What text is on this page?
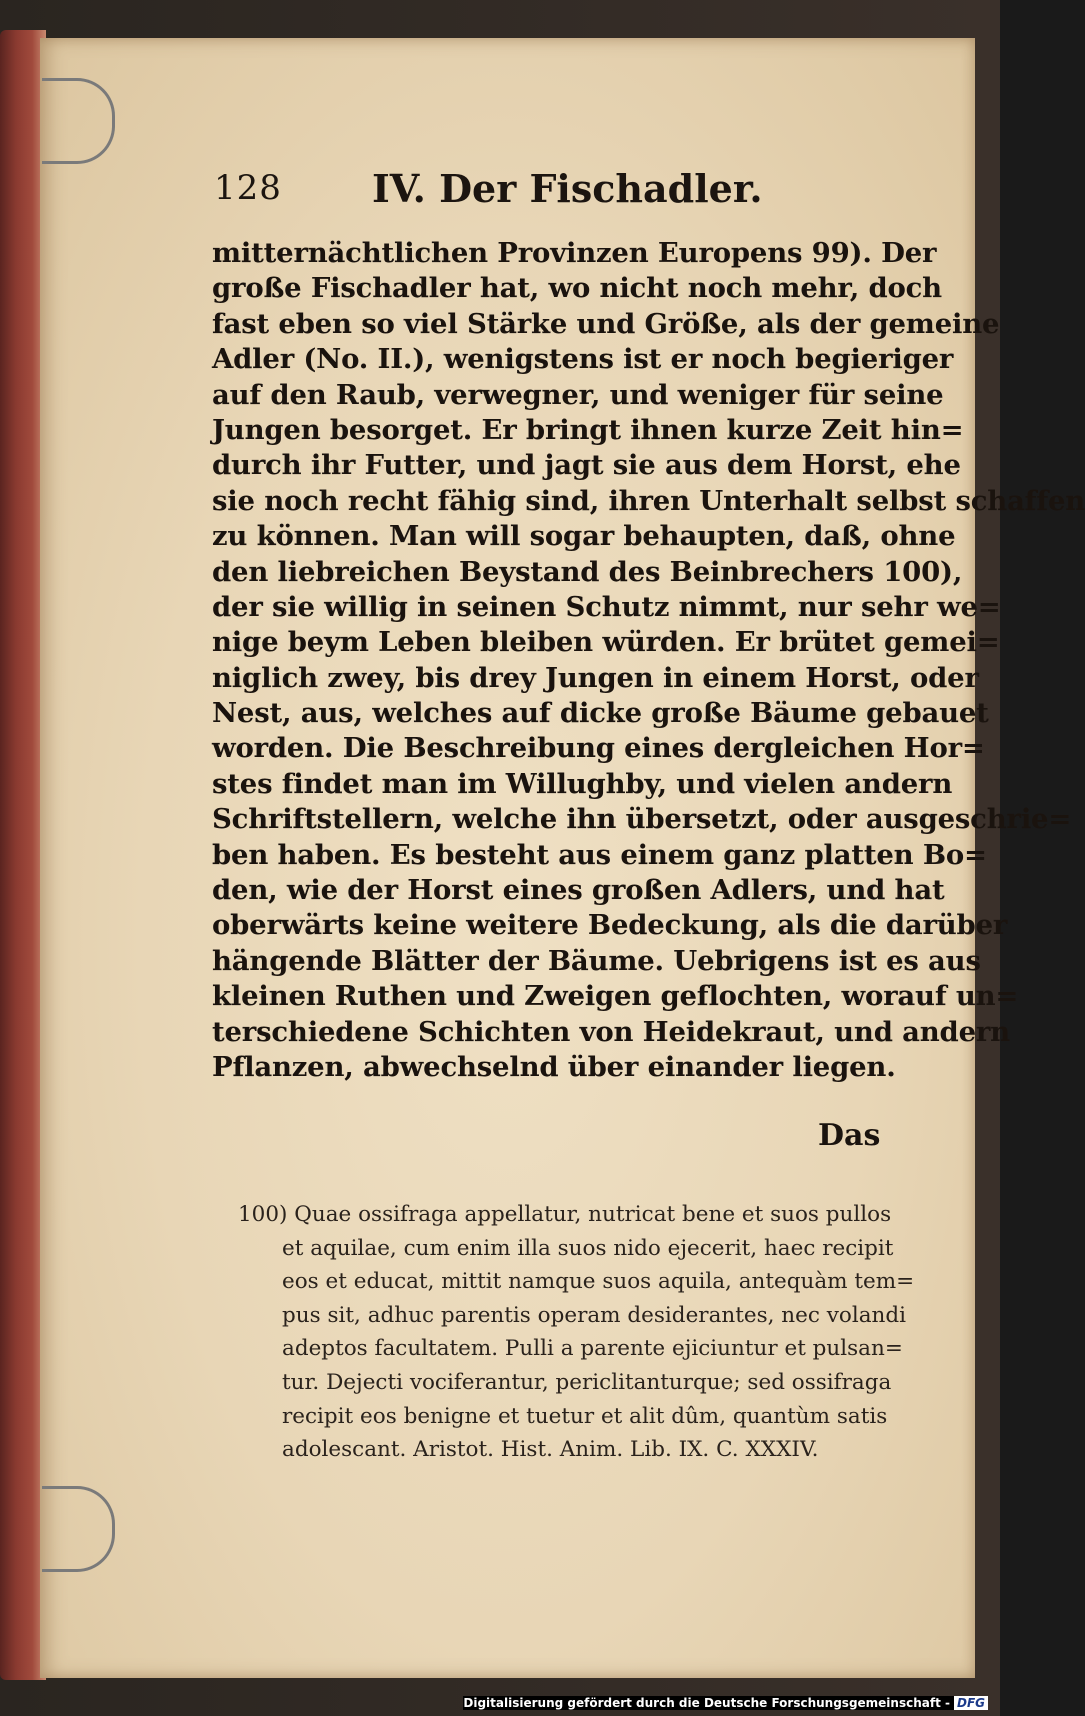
128 IV. Der Fischadler.
mitternächtlichen Provinzen Europens 99). Der
große Fischadler hat, wo nicht noch mehr, doch
fast eben so viel Stärke und Größe, als der gemeine
Adler (No. II.), wenigstens ist er noch begieriger
auf den Raub, verwegner, und weniger für seine
Jungen besorget. Er bringt ihnen kurze Zeit hin=
durch ihr Futter, und jagt sie aus dem Horst, ehe
sie noch recht fähig sind, ihren Unterhalt selbst schaffen
zu können. Man will sogar behaupten, daß, ohne
den liebreichen Beystand des Beinbrechers 100),
der sie willig in seinen Schutz nimmt, nur sehr we=
nige beym Leben bleiben würden. Er brütet gemei=
niglich zwey, bis drey Jungen in einem Horst, oder
Nest, aus, welches auf dicke große Bäume gebauet
worden. Die Beschreibung eines dergleichen Hor=
stes findet man im Willughby, und vielen andern
Schriftstellern, welche ihn übersetzt, oder ausgeschrie=
ben haben. Es besteht aus einem ganz platten Bo=
den, wie der Horst eines großen Adlers, und hat
oberwärts keine weitere Bedeckung, als die darüber
hängende Blätter der Bäume. Uebrigens ist es aus
kleinen Ruthen und Zweigen geflochten, worauf un=
terschiedene Schichten von Heidekraut, und andern
Pflanzen, abwechselnd über einander liegen.
Das
100) Quae ossifraga appellatur, nutricat bene et suos pullos
et aquilae, cum enim illa suos nido ejecerit, haec recipit
eos et educat, mittit namque suos aquila, antequàm tem=
pus sit, adhuc parentis operam desiderantes, nec volandi
adeptos facultatem. Pulli a parente ejiciuntur et pulsan=
tur. Dejecti vociferantur, periclitanturque; sed ossifraga
recipit eos benigne et tuetur et alit dûm, quantùm satis
adolescant. Aristot. Hist. Anim. Lib. IX. C. XXXIV.
Digitalisierung gefördert durch die Deutsche Forschungsgemeinschaft - DFG
